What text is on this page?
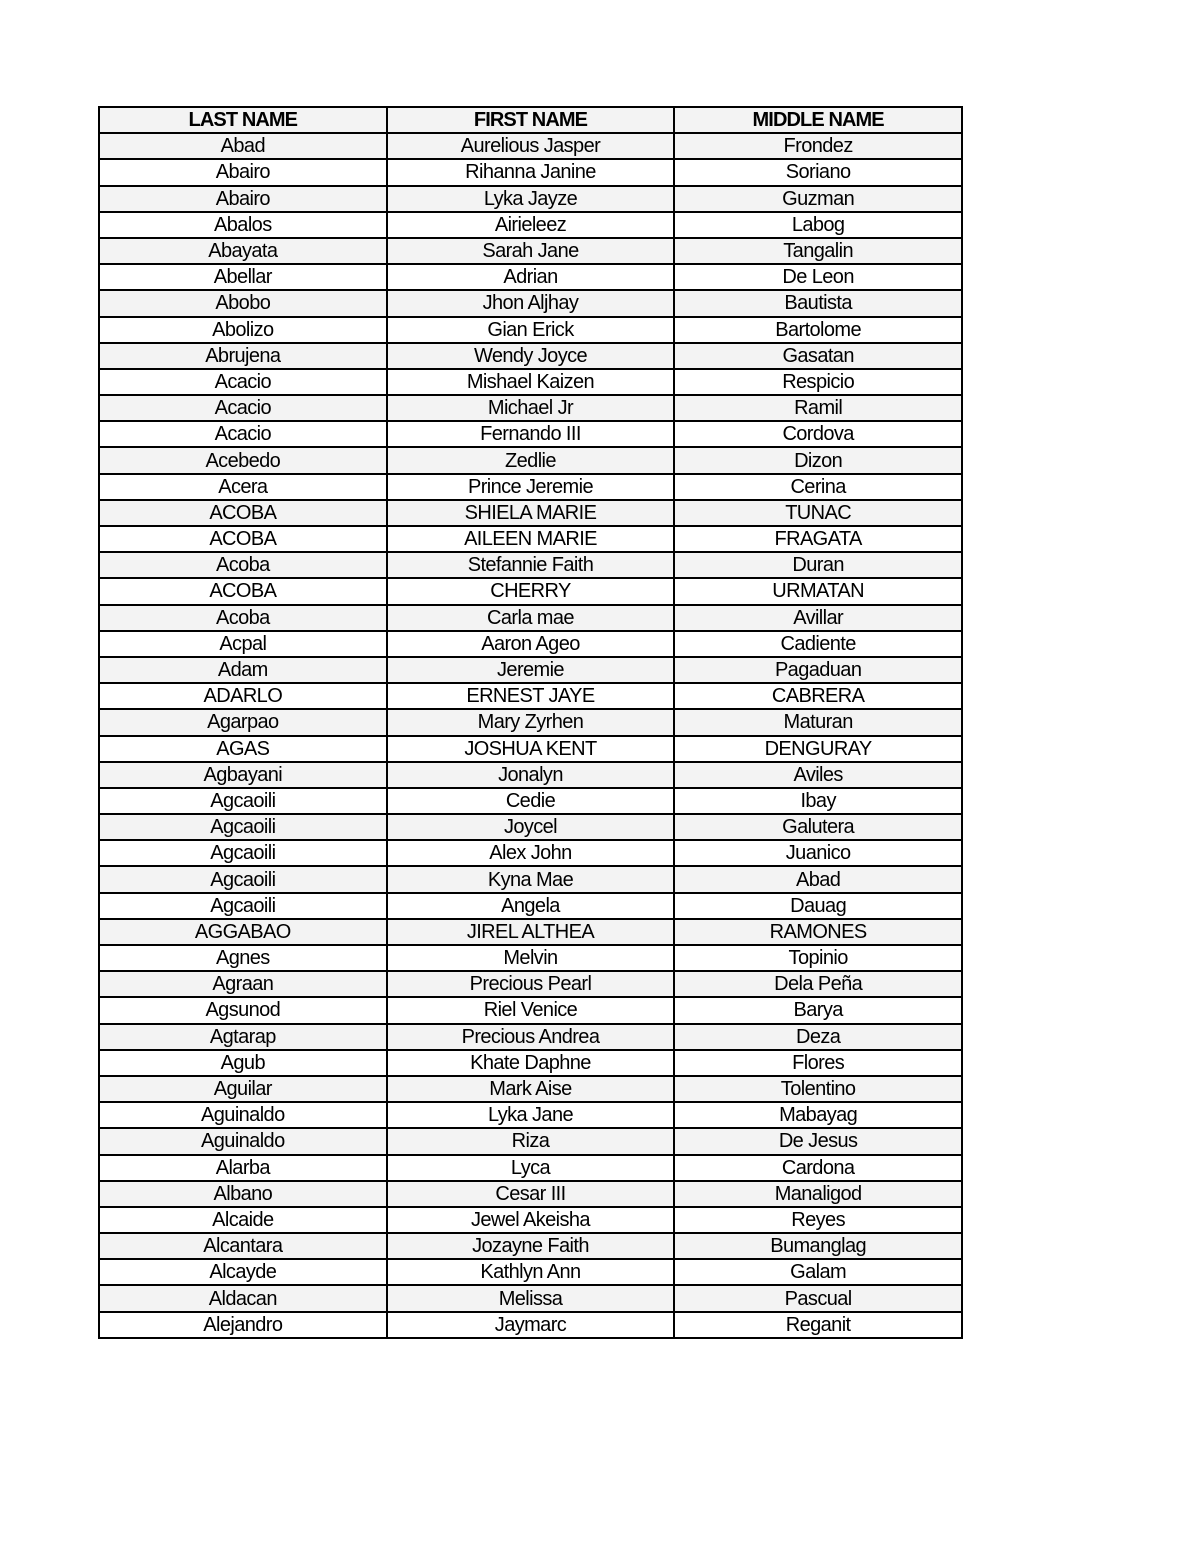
LAST NAME	FIRST NAME	MIDDLE NAME
Abad	Aurelious Jasper	Frondez
Abairo	Rihanna Janine	Soriano
Abairo	Lyka Jayze	Guzman
Abalos	Airieleez	Labog
Abayata	Sarah Jane	Tangalin
Abellar	Adrian	De Leon
Abobo	Jhon Aljhay	Bautista
Abolizo	Gian Erick	Bartolome
Abrujena	Wendy Joyce	Gasatan
Acacio	Mishael Kaizen	Respicio
Acacio	Michael Jr	Ramil
Acacio	Fernando III	Cordova
Acebedo	Zedlie	Dizon
Acera	Prince Jeremie	Cerina
ACOBA	SHIELA MARIE	TUNAC
ACOBA	AILEEN MARIE	FRAGATA
Acoba	Stefannie Faith	Duran
ACOBA	CHERRY	URMATAN
Acoba	Carla mae	Avillar
Acpal	Aaron Ageo	Cadiente
Adam	Jeremie	Pagaduan
ADARLO	ERNEST JAYE	CABRERA
Agarpao	Mary Zyrhen	Maturan
AGAS	JOSHUA KENT	DENGURAY
Agbayani	Jonalyn	Aviles
Agcaoili	Cedie	Ibay
Agcaoili	Joycel	Galutera
Agcaoili	Alex John	Juanico
Agcaoili	Kyna Mae	Abad
Agcaoili	Angela	Dauag
AGGABAO	JIREL ALTHEA	RAMONES
Agnes	Melvin	Topinio
Agraan	Precious Pearl	Dela Peña
Agsunod	Riel Venice	Barya
Agtarap	Precious Andrea	Deza
Agub	Khate Daphne	Flores
Aguilar	Mark Aise	Tolentino
Aguinaldo	Lyka Jane	Mabayag
Aguinaldo	Riza	De Jesus
Alarba	Lyca	Cardona
Albano	Cesar III	Manaligod
Alcaide	Jewel Akeisha	Reyes
Alcantara	Jozayne Faith	Bumanglag
Alcayde	Kathlyn Ann	Galam
Aldacan	Melissa	Pascual
Alejandro	Jaymarc	Reganit
